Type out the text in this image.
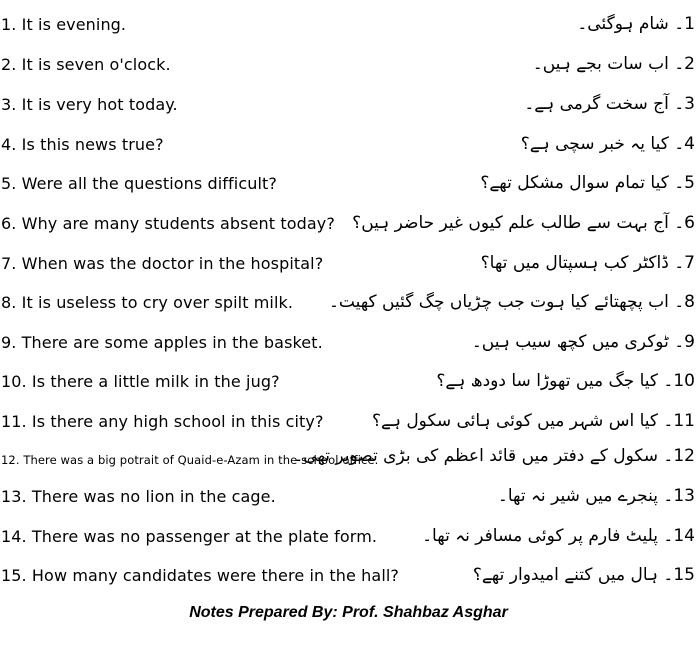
1. It is evening.	1۔ شام ہوگئی۔
2. It is seven o'clock.	2۔ اب سات بجے ہیں۔
3. It is very hot today.	3۔ آج سخت گرمی ہے۔
4. Is this news true?	4۔ کیا یہ خبر سچی ہے؟
5. Were all the questions difficult?	5۔ کیا تمام سوال مشکل تھے؟
6. Why are many students absent today? 6۔ آج بہت سے طالب علم کیوں غیر حاضر ہیں؟
7. When was the doctor in the hospital?	7۔ ڈاکٹر کب ہسپتال میں تھا؟
8. It is useless to cry over spilt milk. 8۔ اب پچھتائے کیا ہوت جب چڑیاں چگ گئیں کھیت۔
9. There are some apples in the basket.	9۔ ٹوکری میں کچھ سیب ہیں۔
10. Is there a little milk in the jug?	10۔ کیا جگ میں تھوڑا سا دودھ ہے؟
11. Is there any high school in this city?	11۔ کیا اس شہر میں کوئی ہائی سکول ہے؟
12. There was a big potrait of Quaid-e-Azam in the school office.
12۔ سکول کے دفتر میں قائد اعظم کی بڑی تصویر تھی۔
13. There was no lion in the cage.	13۔ پنجرے میں شیر نہ تھا۔
14. There was no passenger at the plate form.	14۔ پلیٹ فارم پر کوئی مسافر نہ تھا۔
15. How many candidates were there in the hall?	15۔ ہال میں کتنے امیدوار تھے؟
Notes Prepared By: Prof. Shahbaz Asghar
